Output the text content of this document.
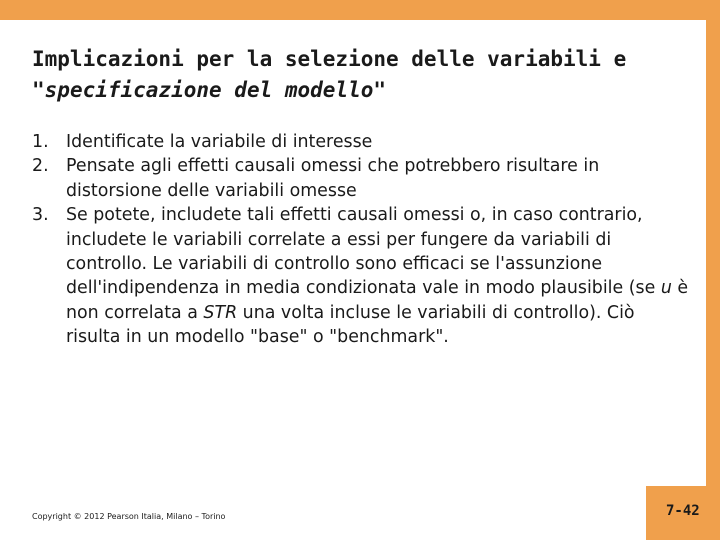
Implicazioni per la selezione delle variabili e
"specificazione del modello"
1. Identificate la variabile di interesse
2. Pensate agli effetti causali omessi che potrebbero risultare in distorsione delle variabili omesse
3. Se potete, includete tali effetti causali omessi o, in caso contrario, includete le variabili correlate a essi per fungere da variabili di controllo. Le variabili di controllo sono efficaci se l'assunzione dell'indipendenza in media condizionata vale in modo plausibile (se u è non correlata a STR una volta incluse le variabili di controllo). Ciò risulta in un modello "base" o "benchmark".
Copyright © 2012 Pearson Italia, Milano – Torino	7-42
